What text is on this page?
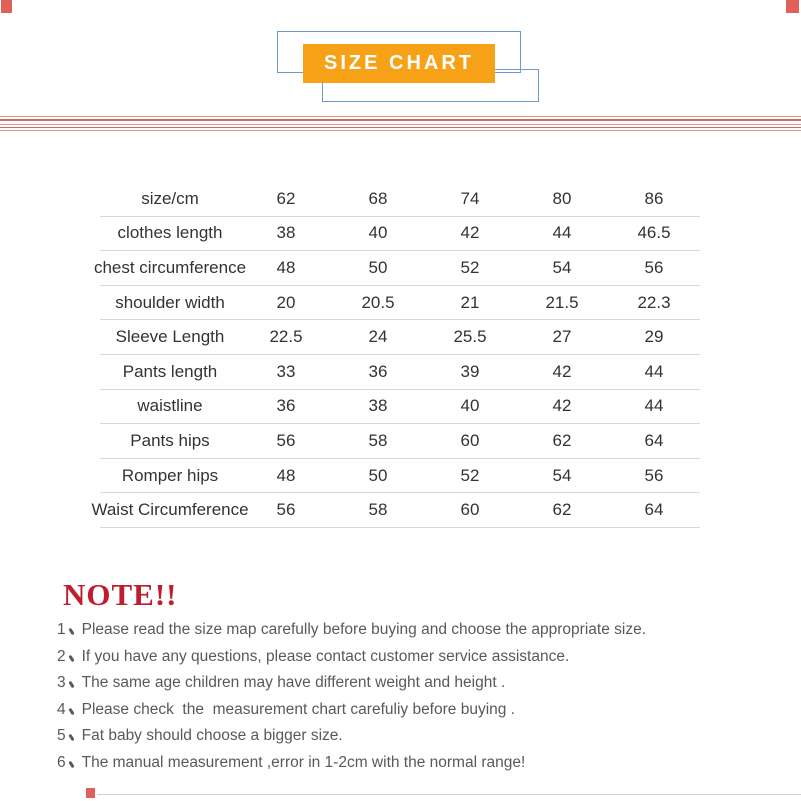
SIZE CHART
size/cm	62	68	74	80	86
clothes length	38	40	42	44	46.5
chest circumference	48	50	52	54	56
shoulder width	20	20.5	21	21.5	22.3
Sleeve Length	22.5	24	25.5	27	29
Pants length	33	36	39	42	44
waistline	36	38	40	42	44
Pants hips	56	58	60	62	64
Romper hips	48	50	52	54	56
Waist Circumference	56	58	60	62	64
NOTE!!
1 Please read the size map carefully before buying and choose the appropriate size.
2 If you have any questions, please contact customer service assistance.
3 The same age children may have different weight and height .
4 Please check  the  measurement chart carefuliy before buying .
5 Fat baby should choose a bigger size.
6 The manual measurement ,error in 1-2cm with the normal range!
